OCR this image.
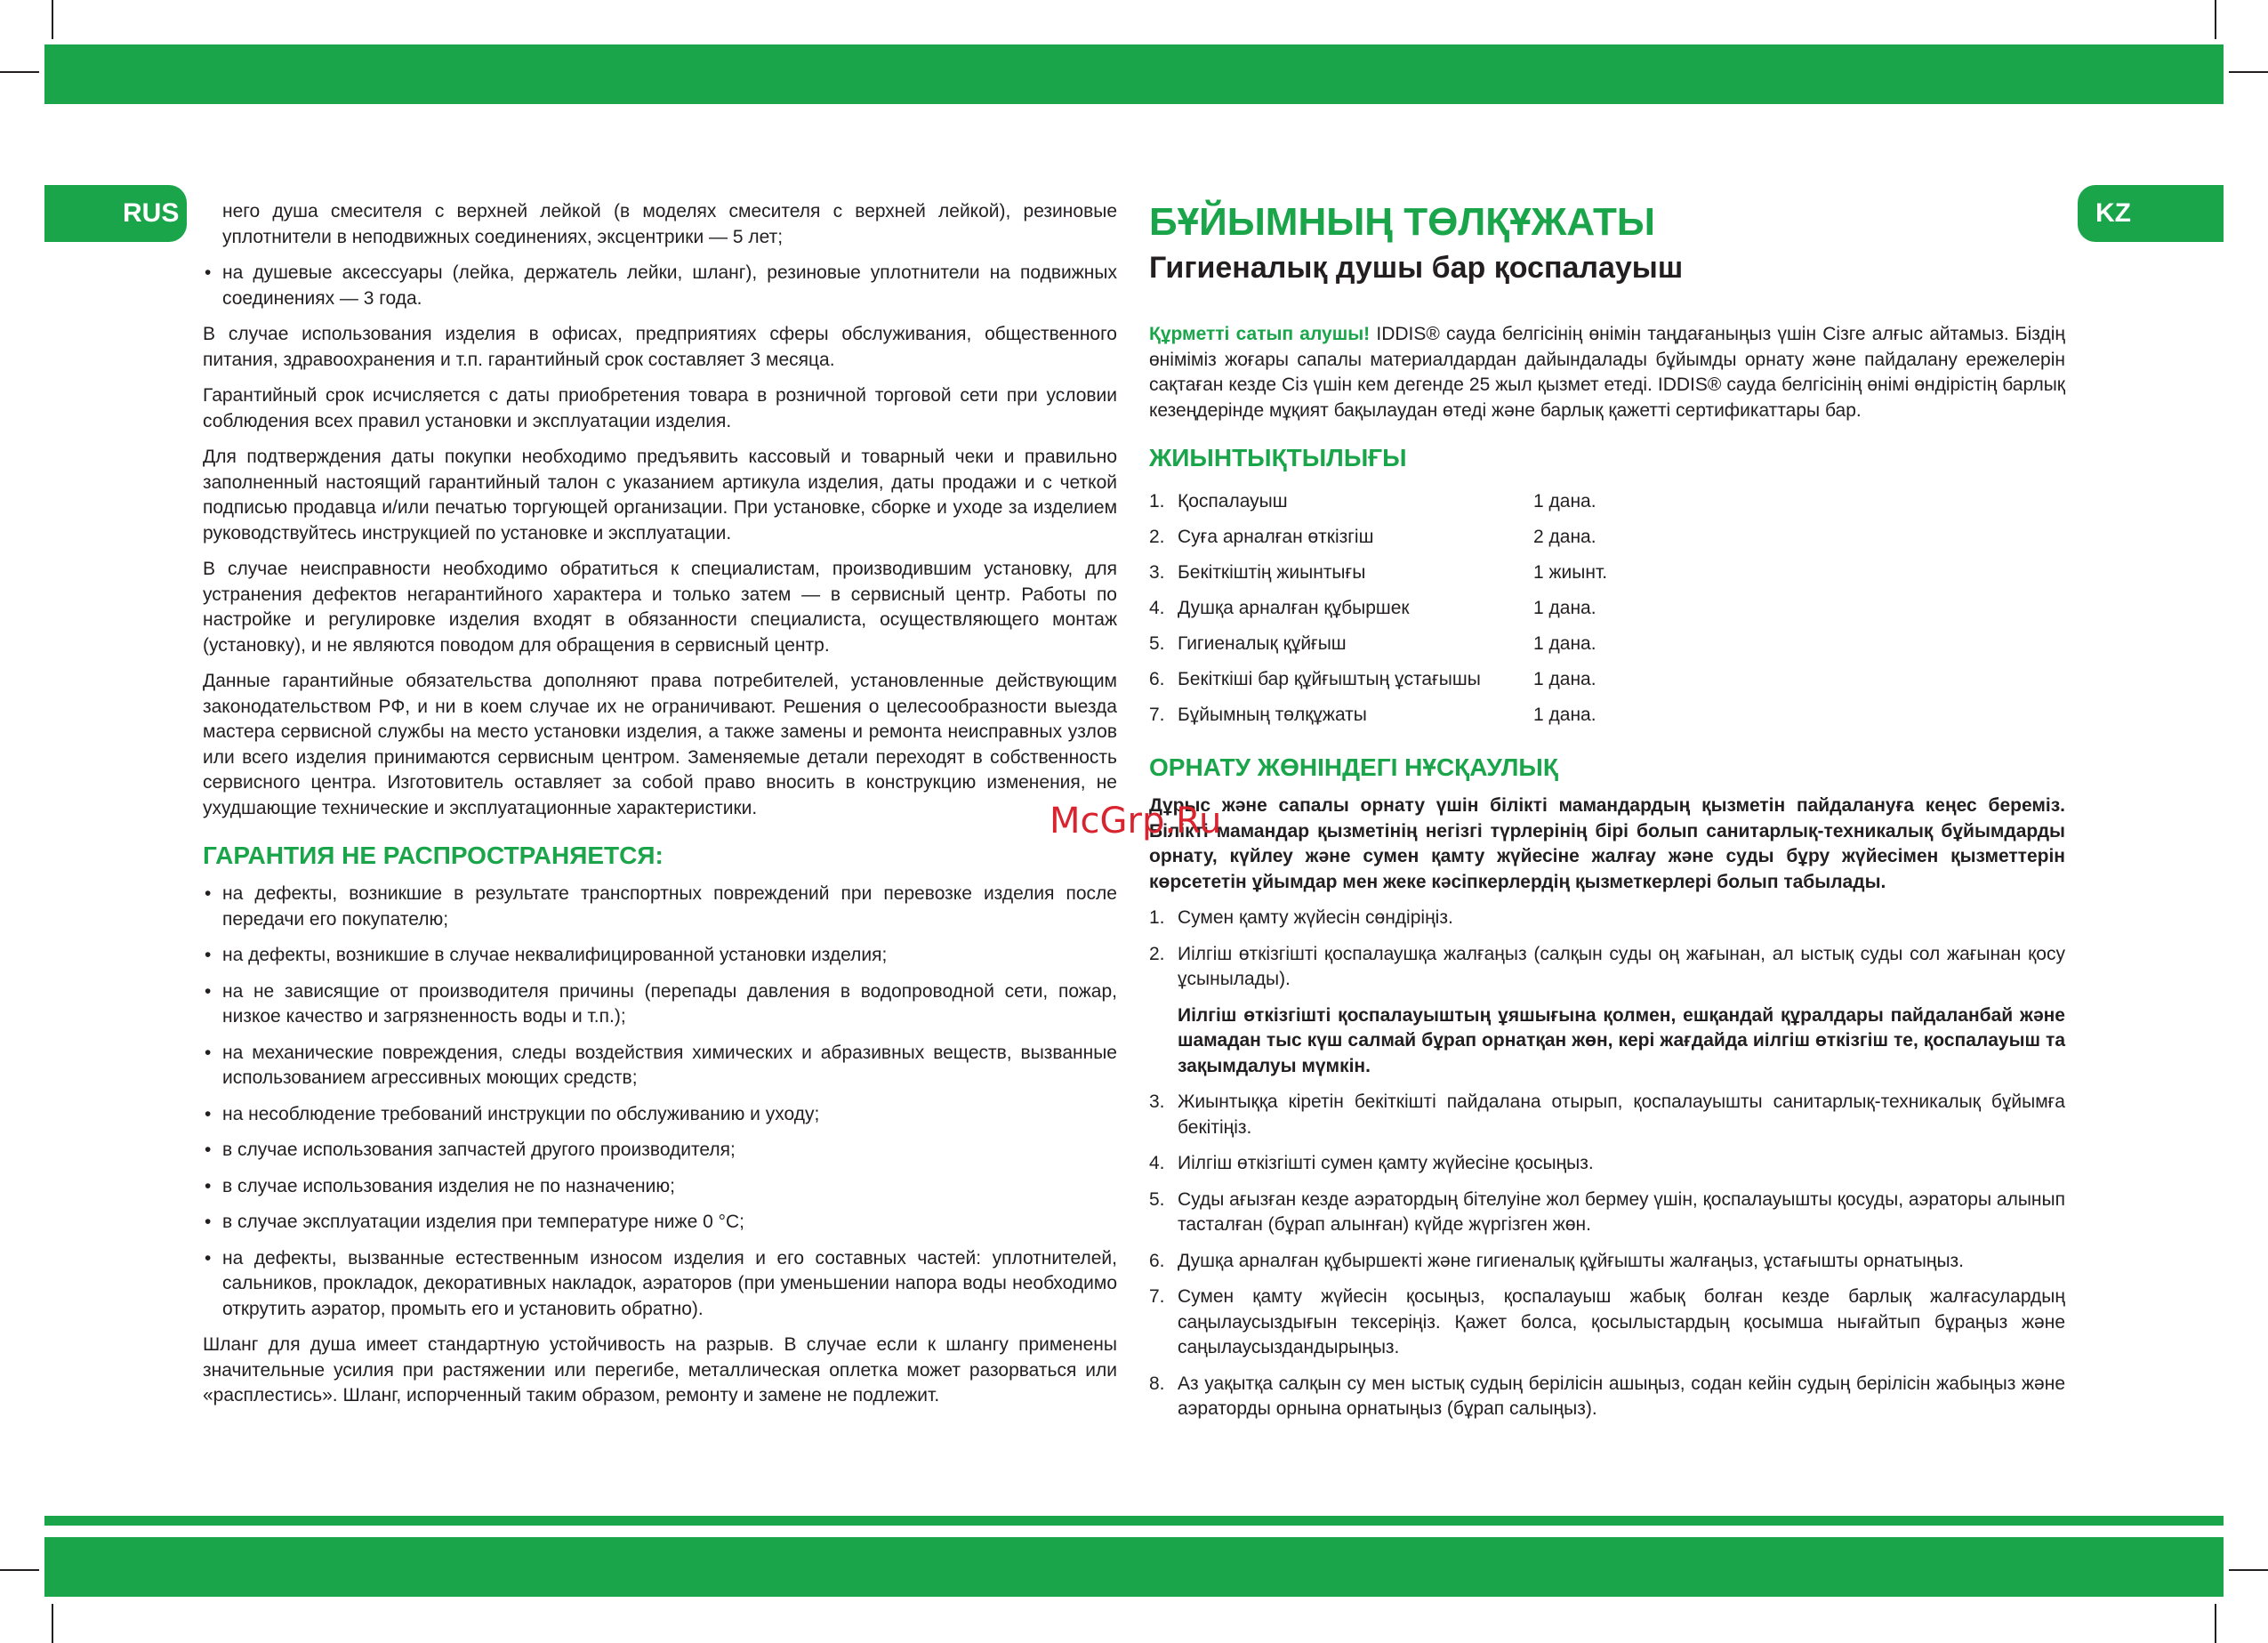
RUS	KZ
него душа смесителя с верхней лейкой (в моделях смесителя с верхней лейкой), резиновые уплотнители в неподвижных соединениях, эксцентрики — 5 лет;
• на душевые аксессуары (лейка, держатель лейки, шланг), резиновые уплотнители на подвижных соединениях — 3 года.

В случае использования изделия в офисах, предприятиях сферы обслуживания, общественного питания, здравоохранения и т.п. гарантийный срок составляет 3 месяца.

Гарантийный срок исчисляется с даты приобретения товара в розничной торговой сети при условии соблюдения всех правил установки и эксплуатации изделия.

Для подтверждения даты покупки необходимо предъявить кассовый и товарный чеки и правильно заполненный настоящий гарантийный талон с указанием артикула изделия, даты продажи и с четкой подписью продавца и/или печатью торгующей организации. При установке, сборке и уходе за изделием руководствуйтесь инструкцией по установке и эксплуатации.

В случае неисправности необходимо обратиться к специалистам, производившим установку, для устранения дефектов негарантийного характера и только затем — в сервисный центр. Работы по настройке и регулировке изделия входят в обязанности специалиста, осуществляющего монтаж (установку), и не являются поводом для обращения в сервисный центр.

Данные гарантийные обязательства дополняют права потребителей, установленные действующим законодательством РФ, и ни в коем случае их не ограничивают. Решения о целесообразности выезда мастера сервисной службы на место установки изделия, а также замены и ремонта неисправных узлов или всего изделия принимаются сервисным центром. Заменяемые детали переходят в собственность сервисного центра. Изготовитель оставляет за собой право вносить в конструкцию изменения, не ухудшающие технические и эксплуатационные характеристики.

ГАРАНТИЯ НЕ РАСПРОСТРАНЯЕТСЯ:
• на дефекты, возникшие в результате транспортных повреждений при перевозке изделия после передачи его покупателю;
• на дефекты, возникшие в случае неквалифицированной установки изделия;
• на не зависящие от производителя причины (перепады давления в водопроводной сети, пожар, низкое качество и загрязненность воды и т.п.);
• на механические повреждения, следы воздействия химических и абразивных веществ, вызванные использованием агрессивных моющих средств;
• на несоблюдение требований инструкции по обслуживанию и уходу;
• в случае использования запчастей другого производителя;
• в случае использования изделия не по назначению;
• в случае эксплуатации изделия при температуре ниже 0 °С;
• на дефекты, вызванные естественным износом изделия и его составных частей: уплотнителей, сальников, прокладок, декоративных накладок, аэраторов (при уменьшении напора воды необходимо открутить аэратор, промыть его и установить обратно).

Шланг для душа имеет стандартную устойчивость на разрыв. В случае если к шлангу применены значительные усилия при растяжении или перегибе, металлическая оплетка может разорваться или «расплестись». Шланг, испорченный таким образом, ремонту и замене не подлежит.

БҰЙЫМНЫҢ ТӨЛҚҰЖАТЫ
Гигиеналық душы бар қоспалауыш

Құрметті сатып алушы! IDDIS® сауда белгісінің өнімін таңдағаныңыз үшін Сізге алғыс айтамыз. Біздің өніміміз жоғары сапалы материалдардан дайындалады бұйымды орнату және пайдалану ережелерін сақтаған кезде Сіз үшін кем дегенде 25 жыл қызмет етеді. IDDIS® сауда белгісінің өнімі өндірістің барлық кезеңдерінде мұқият бақылаудан өтеді және барлық қажетті сертификаттары бар.

ЖИЫНТЫҚТЫЛЫҒЫ
1. Қоспалауыш	1 дана.
2. Суға арналған өткізгіш	2 дана.
3. Бекіткіштің жиынтығы	1 жиынт.
4. Душқа арналған құбыршек	1 дана.
5. Гигиеналық құйғыш	1 дана.
6. Бекіткіші бар құйғыштың ұстағышы	1 дана.
7. Бұйымның төлқұжаты	1 дана.
ОРНАТУ ЖӨНІНДЕГІ НҰСҚАУЛЫҚ
Дұрыс және сапалы орнату үшін білікті мамандардың қызметін пайдалануға кеңес береміз. Білікті мамандар қызметінің негізгі түрлерінің бірі болып санитарлық-техникалық бұйымдарды орнату, күйлеу және сумен қамту жүйесіне жалғау және суды бұру жүйесімен қызметтерін көрсететін ұйымдар мен жеке кәсіпкерлердің қызметкерлері болып табылады.
1. Сумен қамту жүйесін сөндіріңіз.
2. Иілгіш өткізгішті қоспалаушқа жалғаңыз (салқын суды оң жағынан, ал ыстық суды сол жағынан қосу ұсынылады).
Иілгіш өткізгішті қоспалауыштың ұяшығына қолмен, ешқандай құралдары пайдаланбай және шамадан тыс күш салмай бұрап орнатқан жөн, кері жағдайда иілгіш өткізгіш те, қоспалауыш та зақымдалуы мүмкін.
3. Жиынтыққа кіретін бекіткішті пайдалана отырып, қоспалауышты санитарлық-техникалық бұйымға бекітіңіз.
4. Иілгіш өткізгішті сумен қамту жүйесіне қосыңыз.
5. Суды ағызған кезде аэратордың бітелуіне жол бермеу үшін, қоспалауышты қосуды, аэраторы алынып тасталған (бұрап алынған) күйде жүргізген жөн.
6. Душқа арналған құбыршекті және гигиеналық құйғышты жалғаңыз, ұстағышты орнатыңыз.
7. Сумен қамту жүйесін қосыңыз, қоспалауыш жабық болған кезде барлық жалғасулардың саңылаусыздығын тексеріңіз. Қажет болса, қосылыстардың қосымша нығайтып бұраңыз және саңылаусыздандырыңыз.
8. Аз уақытқа салқын су мен ыстық судың берілісін ашыңыз, содан кейін судың берілісін жабыңыз және аэраторды орнына орнатыңыз (бұрап салыңыз).
McGrp.Ru
